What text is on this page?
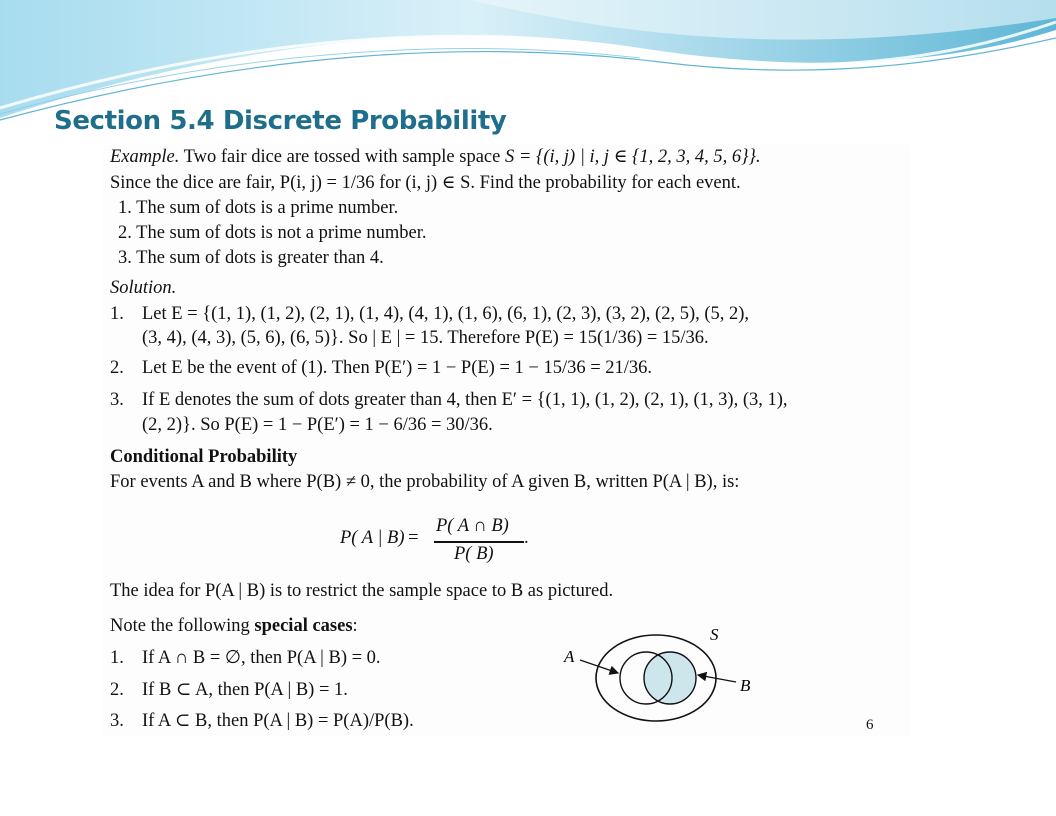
Section 5.4 Discrete Probability
Example. Two fair dice are tossed with sample space S = {(i, j) | i, j ∈ {1, 2, 3, 4, 5, 6}}.
Since the dice are fair, P(i, j) = 1/36 for (i, j) ∈ S. Find the probability for each event.
1. The sum of dots is a prime number.
2. The sum of dots is not a prime number.
3. The sum of dots is greater than 4.
Solution.
1. Let E = {(1, 1), (1, 2), (2, 1), (1, 4), (4, 1), (1, 6), (6, 1), (2, 3), (3, 2), (2, 5), (5, 2),
(3, 4), (4, 3), (5, 6), (6, 5)}. So | E | = 15. Therefore P(E) = 15(1/36) = 15/36.
2. Let E be the event of (1). Then P(E′) = 1 − P(E) = 1 − 15/36 = 21/36.
3. If E denotes the sum of dots greater than 4, then E′ = {(1, 1), (1, 2), (2, 1), (1, 3), (3, 1),
(2, 2)}. So P(E) = 1 − P(E′) = 1 − 6/36 = 30/36.
Conditional Probability
For events A and B where P(B) ≠ 0, the probability of A given B, written P(A | B), is:
P( A | B) =
P( A ∩ B)
P( B)
.
The idea for P(A | B) is to restrict the sample space to B as pictured.
Note the following special cases:
1. If A ∩ B = ∅, then P(A | B) = 0.
2. If B ⊂ A, then P(A | B) = 1.
3. If A ⊂ B, then P(A | B) = P(A)/P(B).
S
A
B
6
